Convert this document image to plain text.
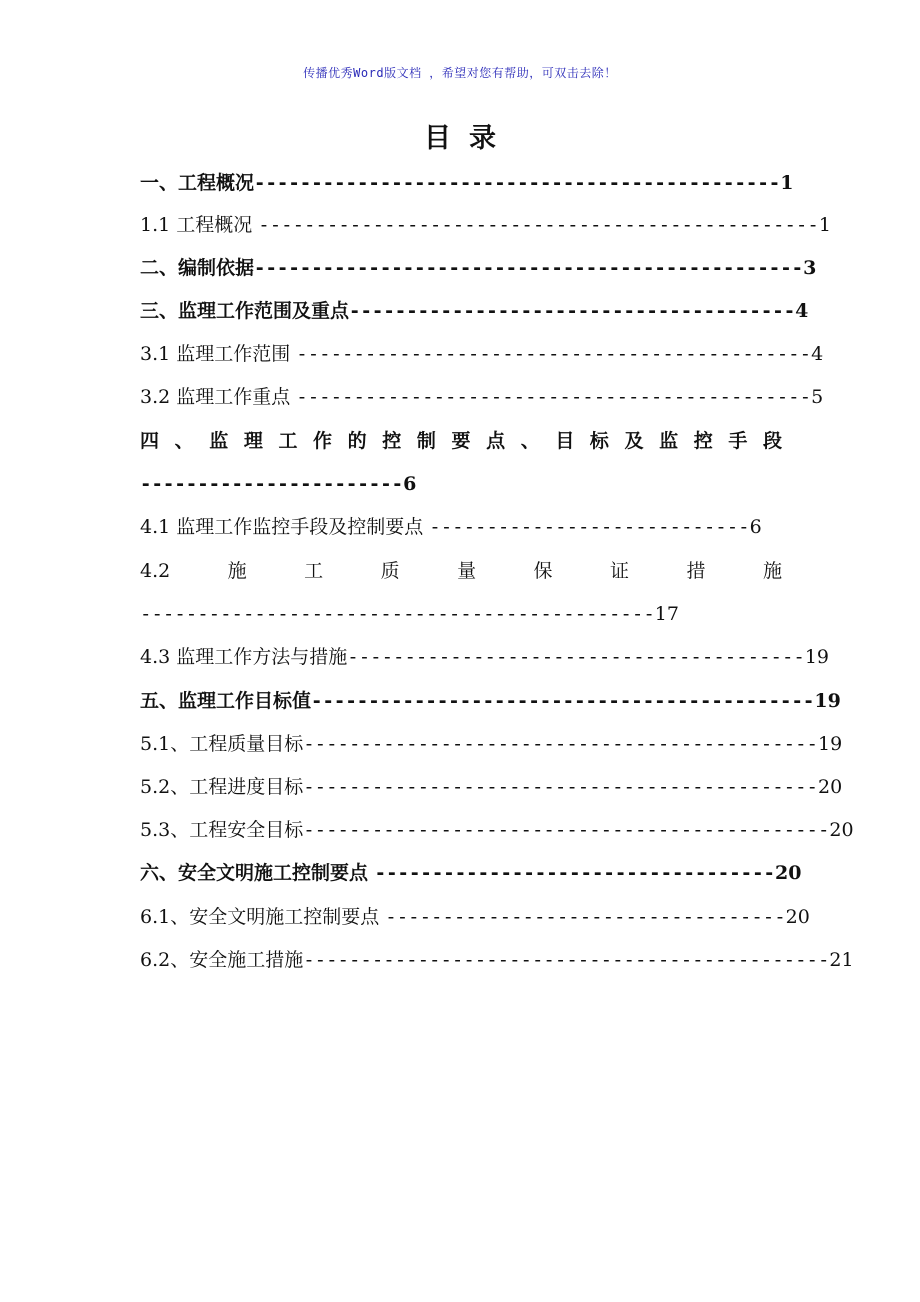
传播优秀Word版文档 ，希望对您有帮助，可双击去除！
目录
一、工程概况----------------------------------------------1
1.1 工程概况 -------------------------------------------------1
二、编制依据------------------------------------------------3
三、监理工作范围及重点---------------------------------------4
3.1 监理工作范围 ---------------------------------------------4
3.2 监理工作重点 ---------------------------------------------5
四 、 监 理 工 作 的 控 制 要 点 、 目 标 及 监 控 手 段
-----------------------6
4.1 监理工作监控手段及控制要点 ----------------------------6
4.2	施	工	质	量	保	证	措	施
---------------------------------------------17
4.3 监理工作方法与措施----------------------------------------19
五、监理工作目标值--------------------------------------------19
5.1、工程质量目标---------------------------------------------19
5.2、工程进度目标---------------------------------------------20
5.3、工程安全目标----------------------------------------------20
六、安全文明施工控制要点 -----------------------------------20
6.1、安全文明施工控制要点 -----------------------------------20
6.2、安全施工措施----------------------------------------------21
